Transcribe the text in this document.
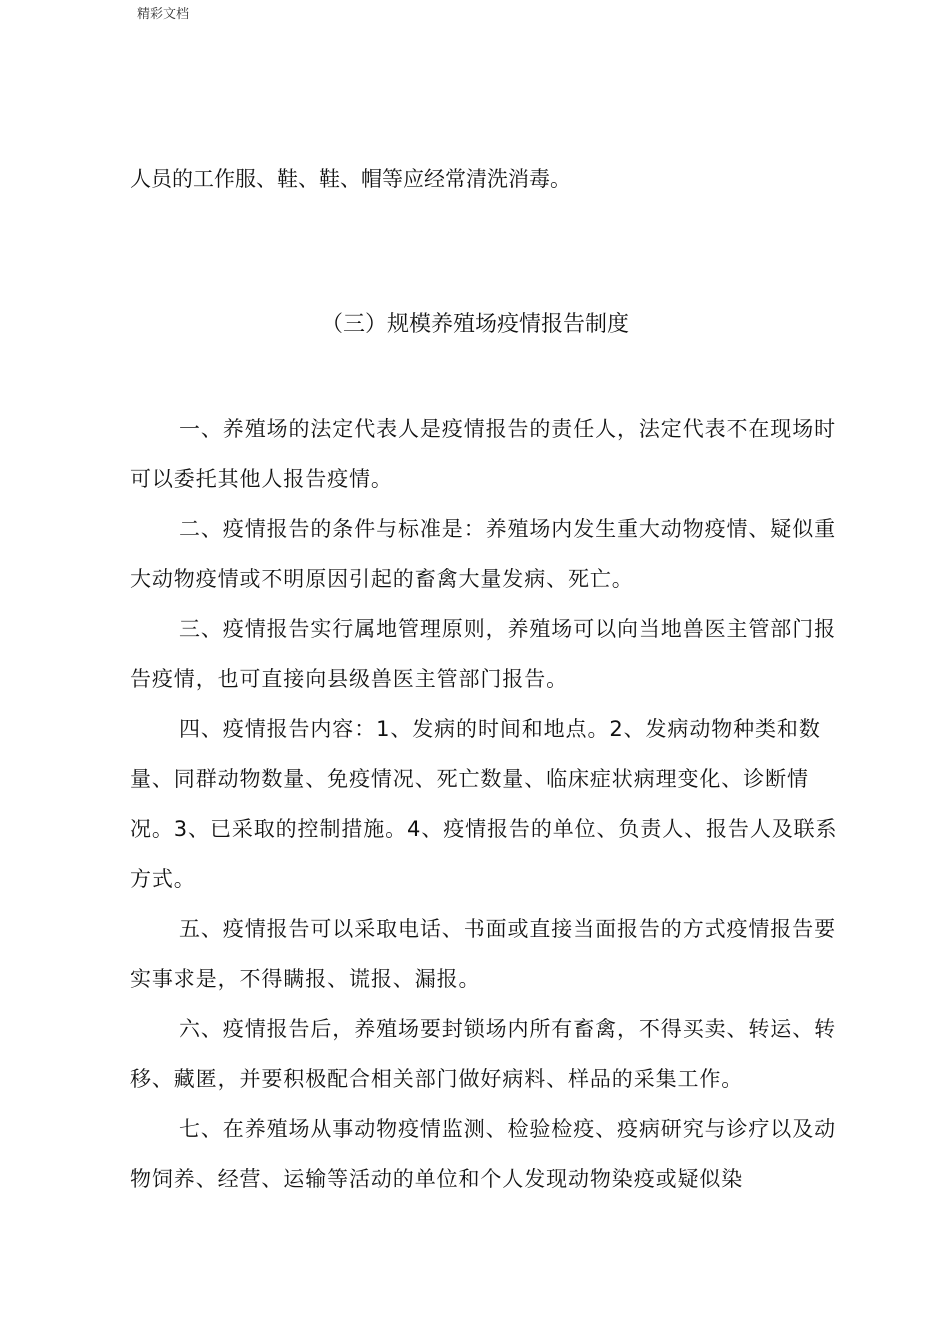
精彩文档
人员的工作服、鞋、鞋、帽等应经常清洗消毒。
（三）规模养殖场疫情报告制度

一、养殖场的法定代表人是疫情报告的责任人，法定代表不在现场时可以委托其他人报告疫情。

二、疫情报告的条件与标准是：养殖场内发生重大动物疫情、疑似重大动物疫情或不明原因引起的畜禽大量发病、死亡。

三、疫情报告实行属地管理原则，养殖场可以向当地兽医主管部门报告疫情，也可直接向县级兽医主管部门报告。

四、疫情报告内容：1、发病的时间和地点。2、发病动物种类和数量、同群动物数量、免疫情况、死亡数量、临床症状病理变化、诊断情况。3、已采取的控制措施。4、疫情报告的单位、负责人、报告人及联系方式。

五、疫情报告可以采取电话、书面或直接当面报告的方式疫情报告要实事求是，不得瞒报、谎报、漏报。

六、疫情报告后，养殖场要封锁场内所有畜禽，不得买卖、转运、转移、藏匿，并要积极配合相关部门做好病料、样品的采集工作。

七、在养殖场从事动物疫情监测、检验检疫、疫病研究与诊疗以及动物饲养、经营、运输等活动的单位和个人发现动物染疫或疑似染
